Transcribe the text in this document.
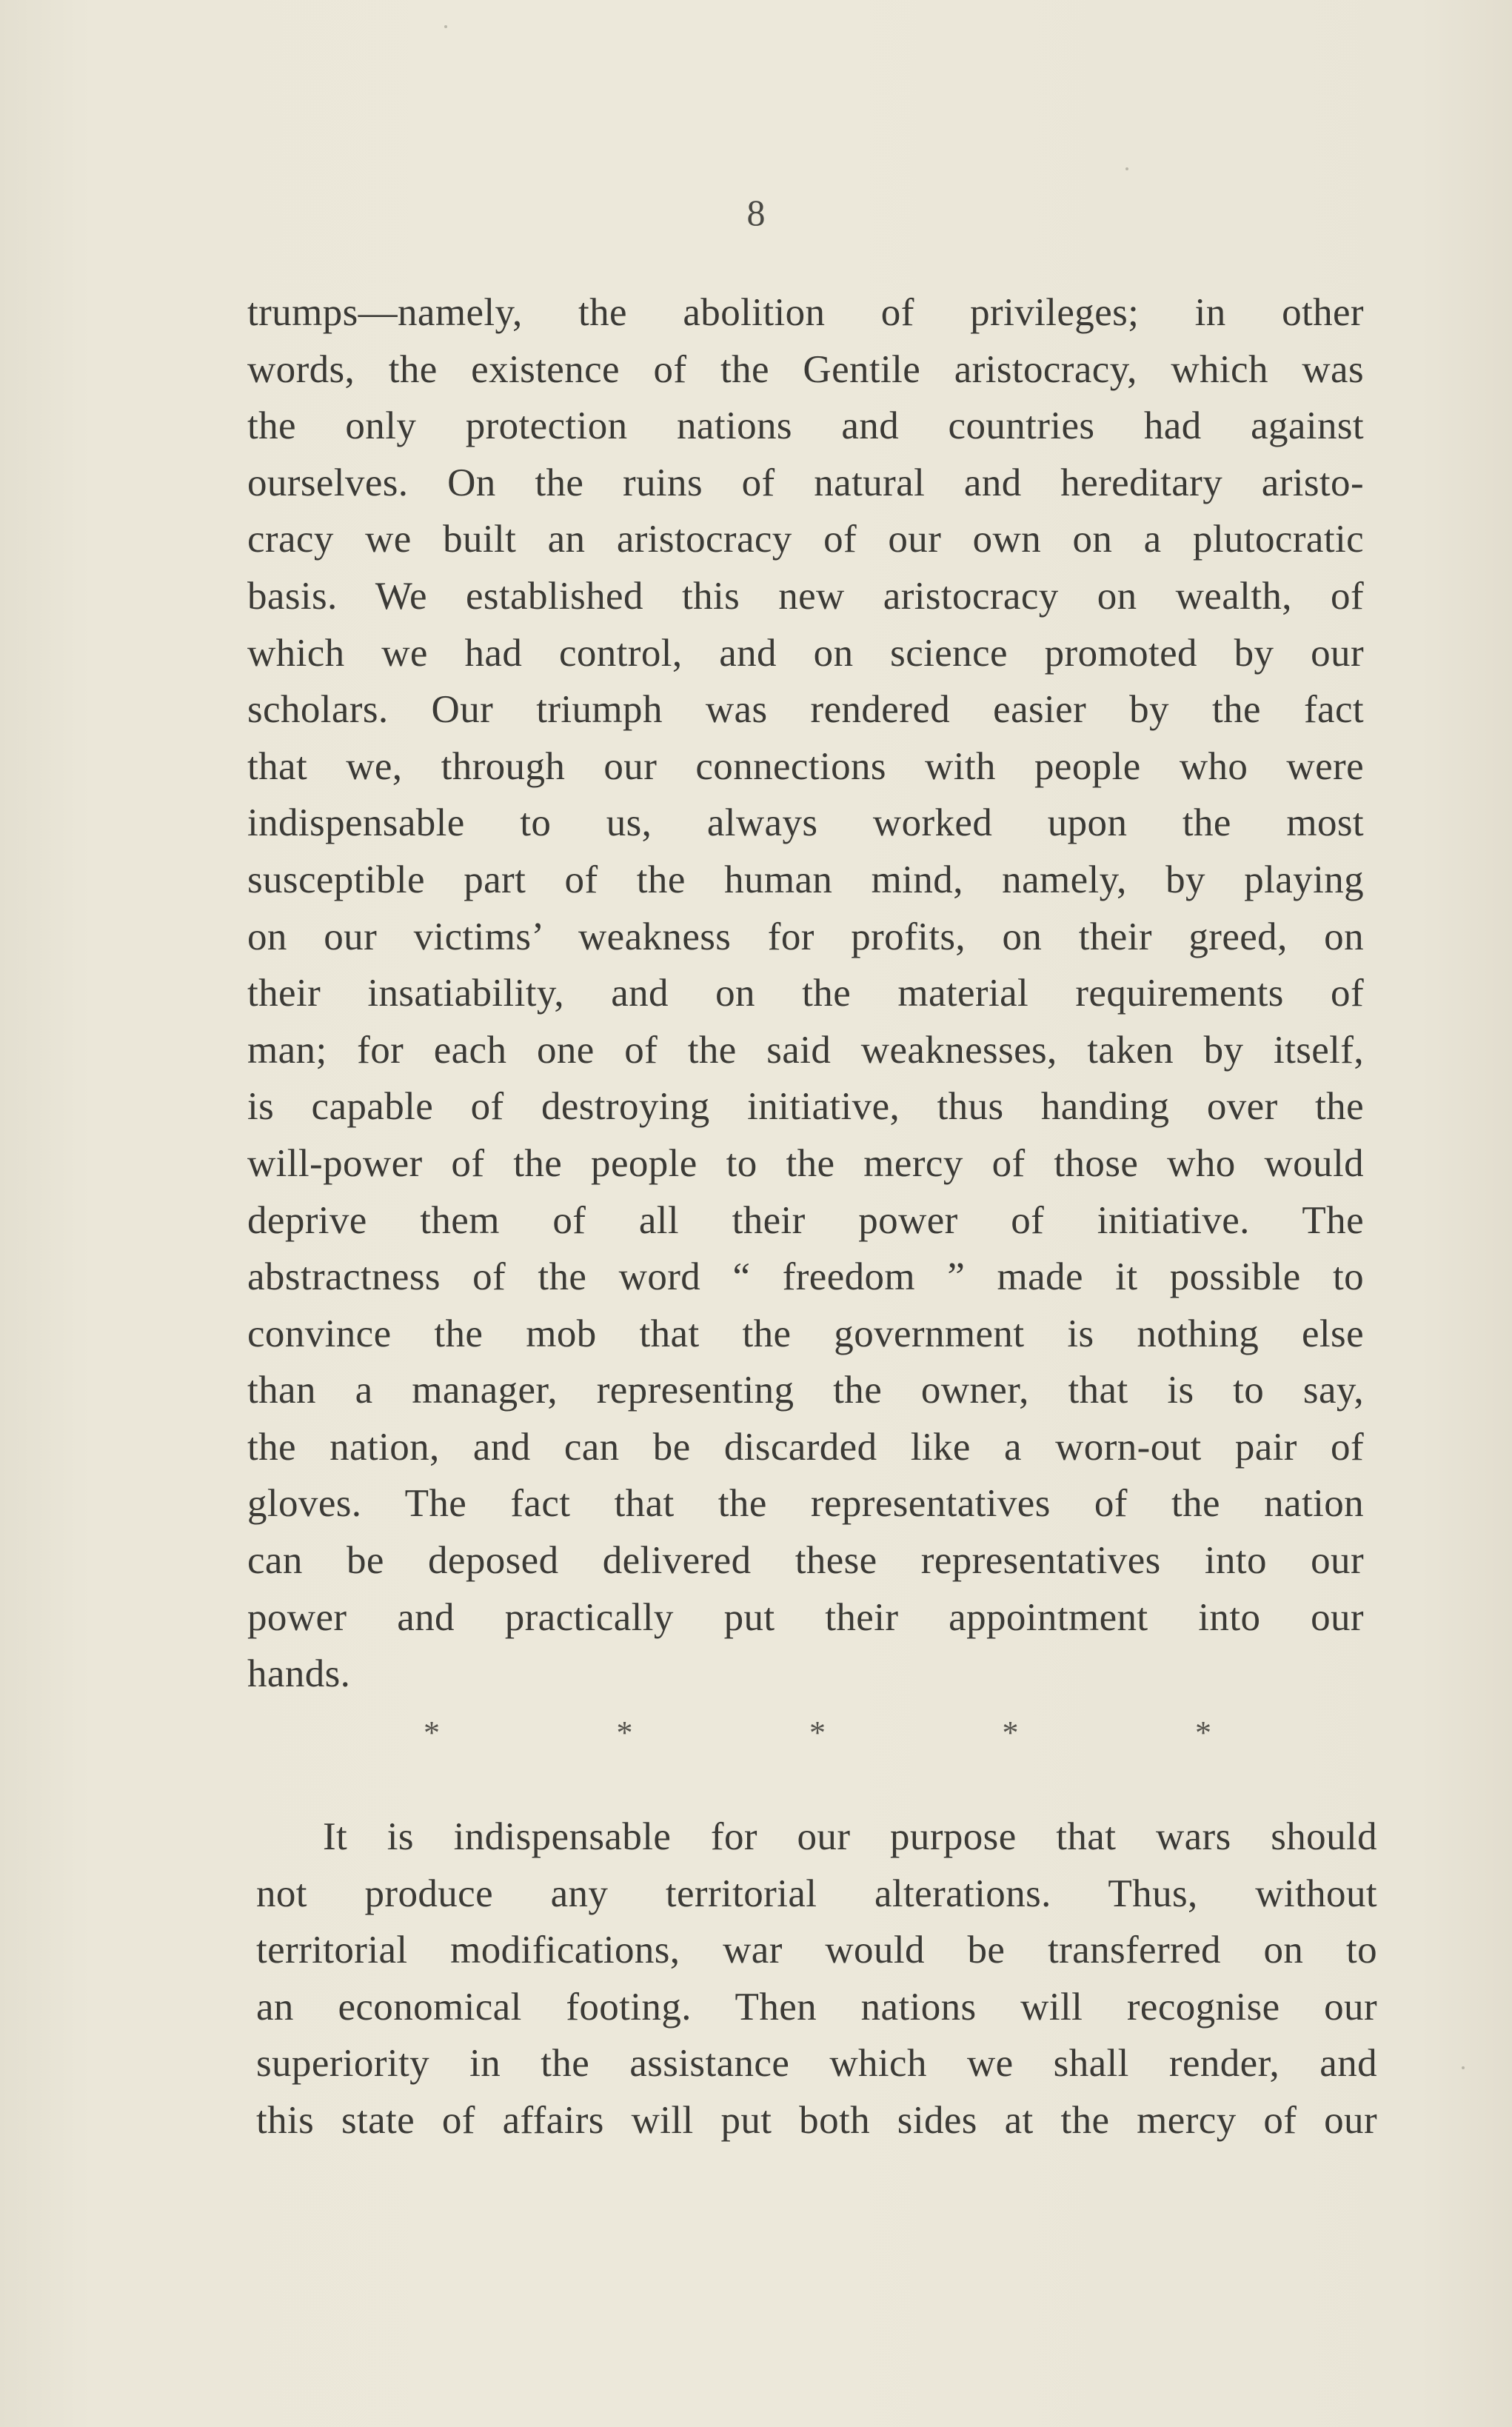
8
trumps—namely, the abolition of privileges; in other
words, the existence of the Gentile aristocracy, which was
the only protection nations and countries had against
ourselves. On the ruins of natural and hereditary aristo-
cracy we built an aristocracy of our own on a plutocratic
basis. We established this new aristocracy on wealth, of
which we had control, and on science promoted by our
scholars. Our triumph was rendered easier by the fact
that we, through our connections with people who were
indispensable to us, always worked upon the most
susceptible part of the human mind, namely, by playing
on our victims’ weakness for profits, on their greed, on
their insatiability, and on the material requirements of
man; for each one of the said weaknesses, taken by itself,
is capable of destroying initiative, thus handing over the
will-power of the people to the mercy of those who would
deprive them of all their power of initiative. The
abstractness of the word “ freedom ” made it possible to
convince the mob that the government is nothing else
than a manager, representing the owner, that is to say,
the nation, and can be discarded like a worn-out pair of
gloves. The fact that the representatives of the nation
can be deposed delivered these representatives into our
power and practically put their appointment into our
hands.
*	*	*	*	*
It is indispensable for our purpose that wars should
not produce any territorial alterations. Thus, without
territorial modifications, war would be transferred on to
an economical footing. Then nations will recognise our
superiority in the assistance which we shall render, and
this state of affairs will put both sides at the mercy of our
